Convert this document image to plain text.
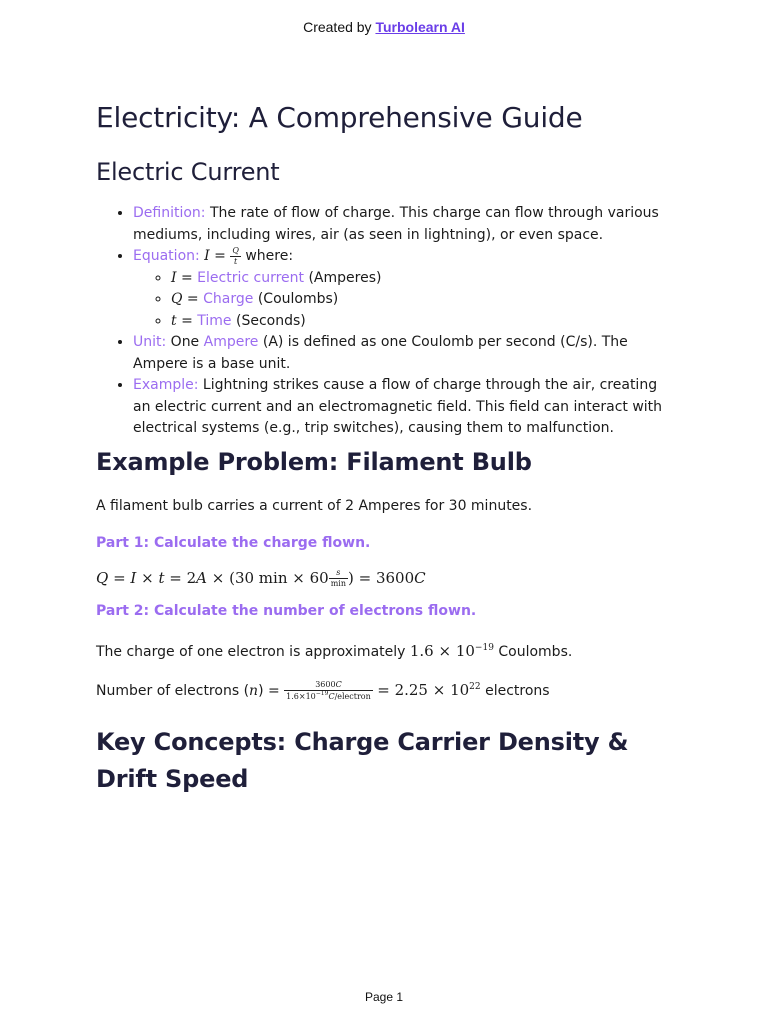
Created by Turbolearn AI
Electricity: A Comprehensive Guide
Electric Current
• Definition: The rate of flow of charge. This charge can flow through various mediums, including wires, air (as seen in lightning), or even space.
• Equation: $I = \frac{Q}{t}$ where:
◦ I = Electric current (Amperes)
◦ Q = Charge (Coulombs)
◦ t = Time (Seconds)
• Unit: One Ampere (A) is defined as one Coulomb per second (C/s). The Ampere is a base unit.
• Example: Lightning strikes cause a flow of charge through the air, creating an electric current and an electromagnetic field. This field can interact with electrical systems (e.g., trip switches), causing them to malfunction.
Example Problem: Filament Bulb

A filament bulb carries a current of 2 Amperes for 30 minutes.

Part 1: Calculate the charge flown.

Q = I × t = 2A × (30 $\min \times 60 \frac{s}{\min}$ ) = 3600C

Part 2: Calculate the number of electrons flown.

The charge of one electron is approximately $1.6 \times 10^{-19}$ Coulombs.

Number of electrons $(n) = \frac{3600C}{1.6\times 10^{-19}C/electron} = 2.25 \times 10^{22}$ electrons

Key Concepts: Charge Carrier Density & Drift Speed
Page 1
